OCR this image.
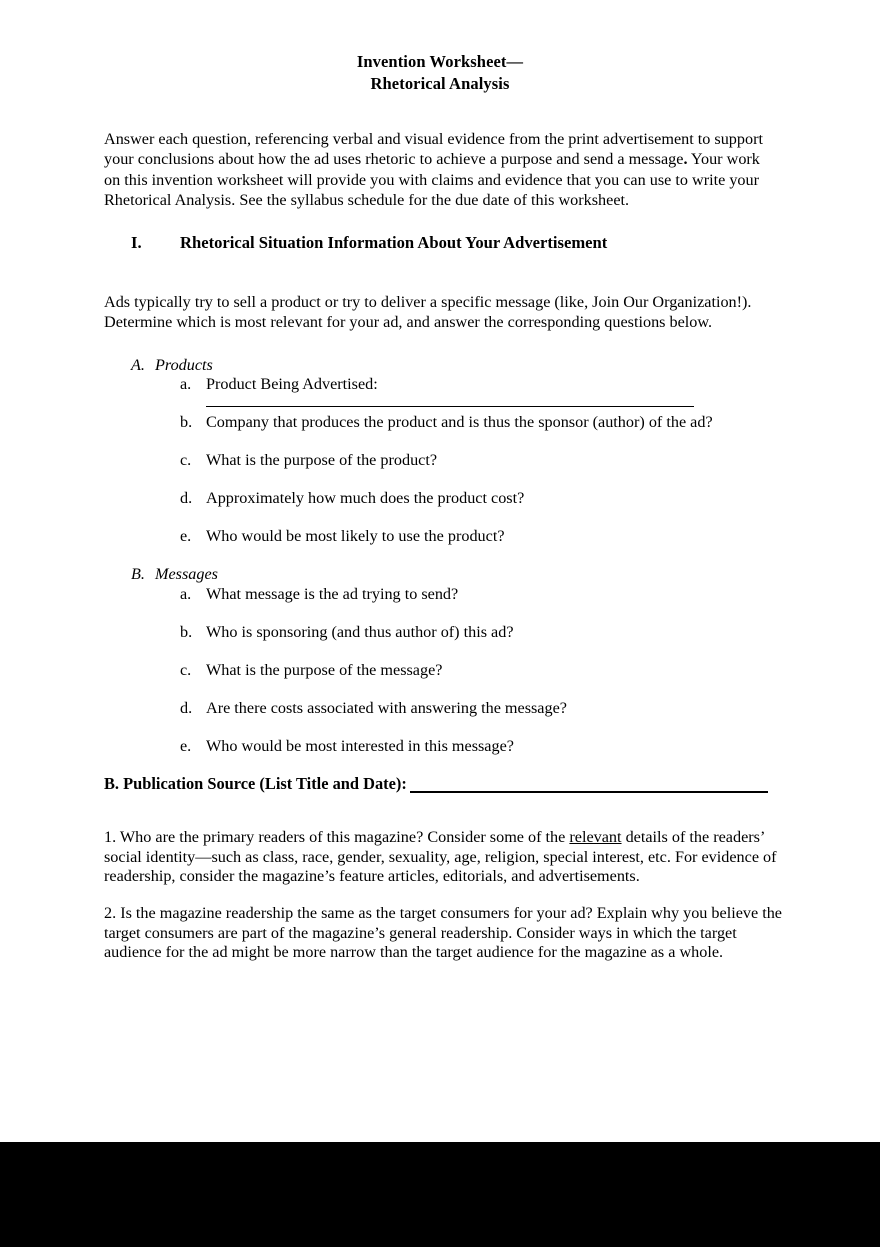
Invention Worksheet—
Rhetorical Analysis

Answer each question, referencing verbal and visual evidence from the print advertisement to support your conclusions about how the ad uses rhetoric to achieve a purpose and send a message. Your work on this invention worksheet will provide you with claims and evidence that you can use to write your Rhetorical Analysis. See the syllabus schedule for the due date of this worksheet.

I. Rhetorical Situation Information About Your Advertisement

Ads typically try to sell a product or try to deliver a specific message (like, Join Our Organization!). Determine which is most relevant for your ad, and answer the corresponding questions below.

A. Products
a. Product Being Advertised:
b. Company that produces the product and is thus the sponsor (author) of the ad?
c. What is the purpose of the product?
d. Approximately how much does the product cost?
e. Who would be most likely to use the product?
B. Messages
a. What message is the ad trying to send?
b. Who is sponsoring (and thus author of) this ad?
c. What is the purpose of the message?
d. Are there costs associated with answering the message?
e. Who would be most interested in this message?
B. Publication Source (List Title and Date):

1. Who are the primary readers of this magazine? Consider some of the relevant details of the readers’ social identity—such as class, race, gender, sexuality, age, religion, special interest, etc. For evidence of readership, consider the magazine’s feature articles, editorials, and advertisements.

2. Is the magazine readership the same as the target consumers for your ad? Explain why you believe the target consumers are part of the magazine’s general readership. Consider ways in which the target audience for the ad might be more narrow than the target audience for the magazine as a whole.
